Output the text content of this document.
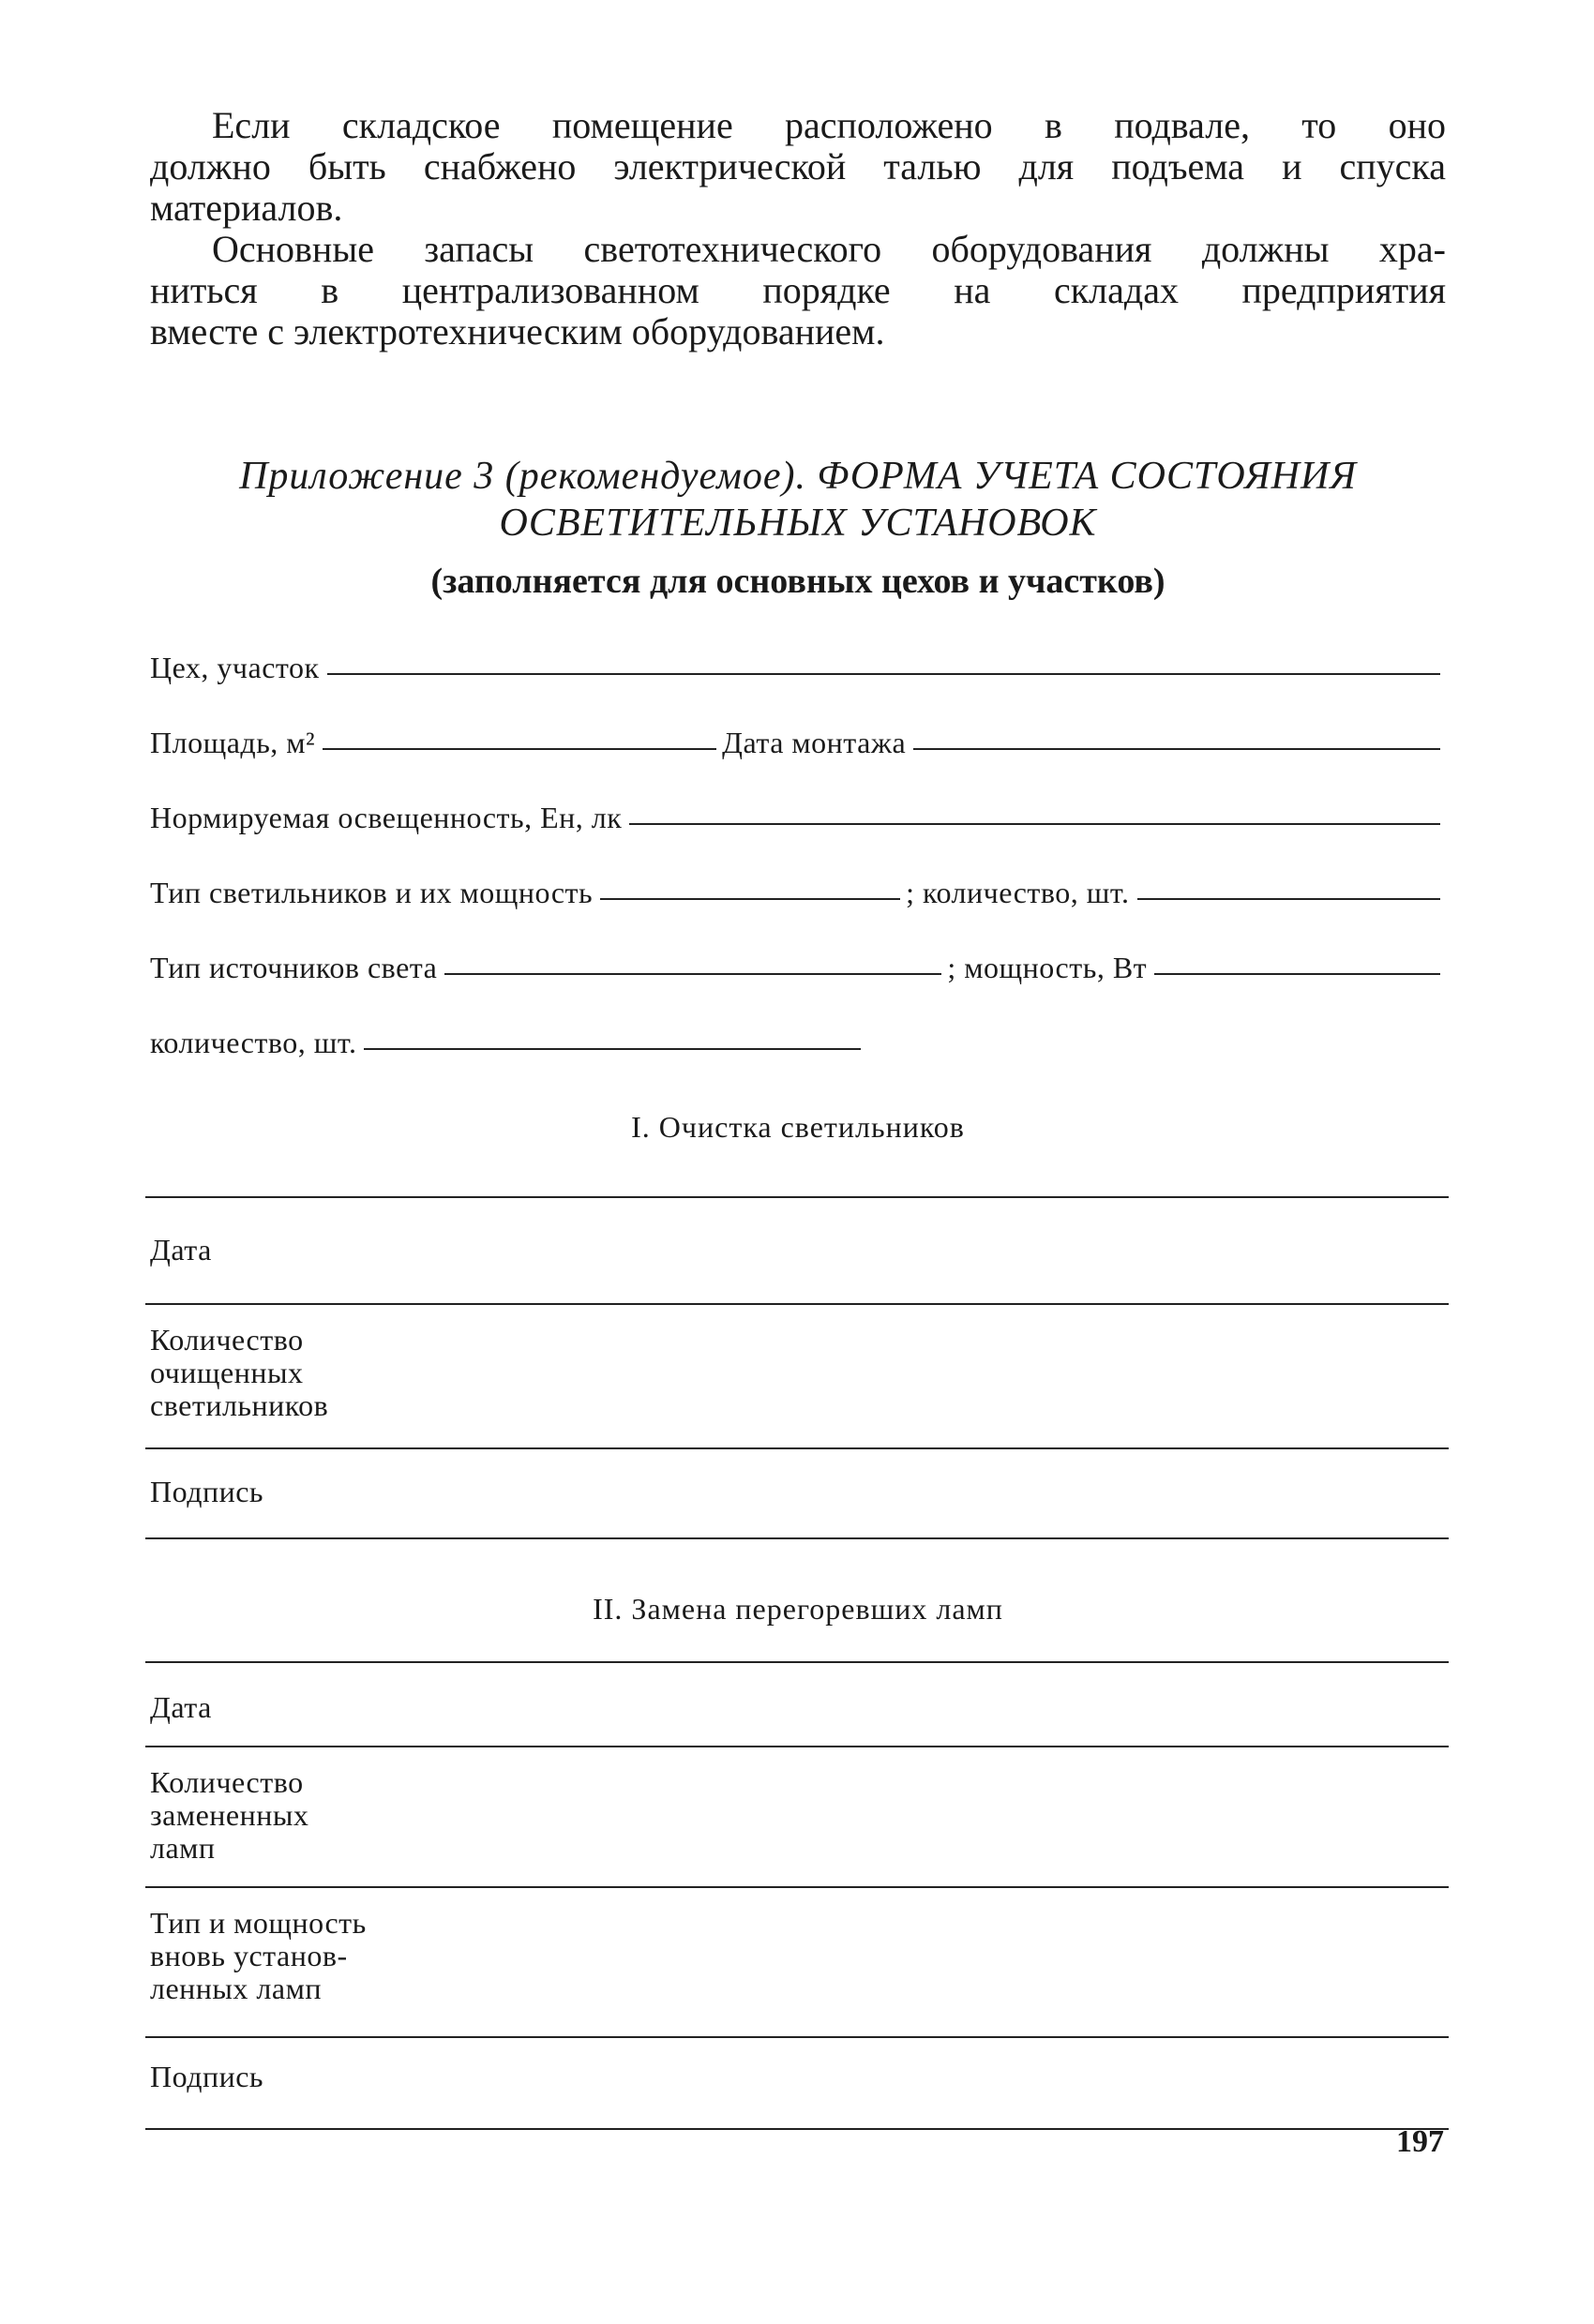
Если складское помещение расположено в подвале, то оно

должно быть снабжено электрической талью для подъема и спуска

материалов.

Основные запасы светотехнического оборудования должны хра-

ниться в централизованном порядке на складах предприятия

вместе с электротехническим оборудованием.

Приложение 3 (рекомендуемое). ФОРМА УЧЕТА СОСТОЯНИЯ
ОСВЕТИТЕЛЬНЫХ УСТАНОВОК
(заполняется для основных цехов и участков)
Цех, участок
Площадь, м²	Дата монтажа
Нормируемая освещенность, Eн, лк
Тип светильников и их мощность	; количество, шт.
Тип источников света	; мощность, Вт
количество, шт.
I. Очистка светильников
Дата
Количество
очищенных
светильников
Подпись
II. Замена перегоревших ламп
Дата
Количество
замененных
ламп
Тип и мощность
вновь установ-
ленных ламп
Подпись
197
